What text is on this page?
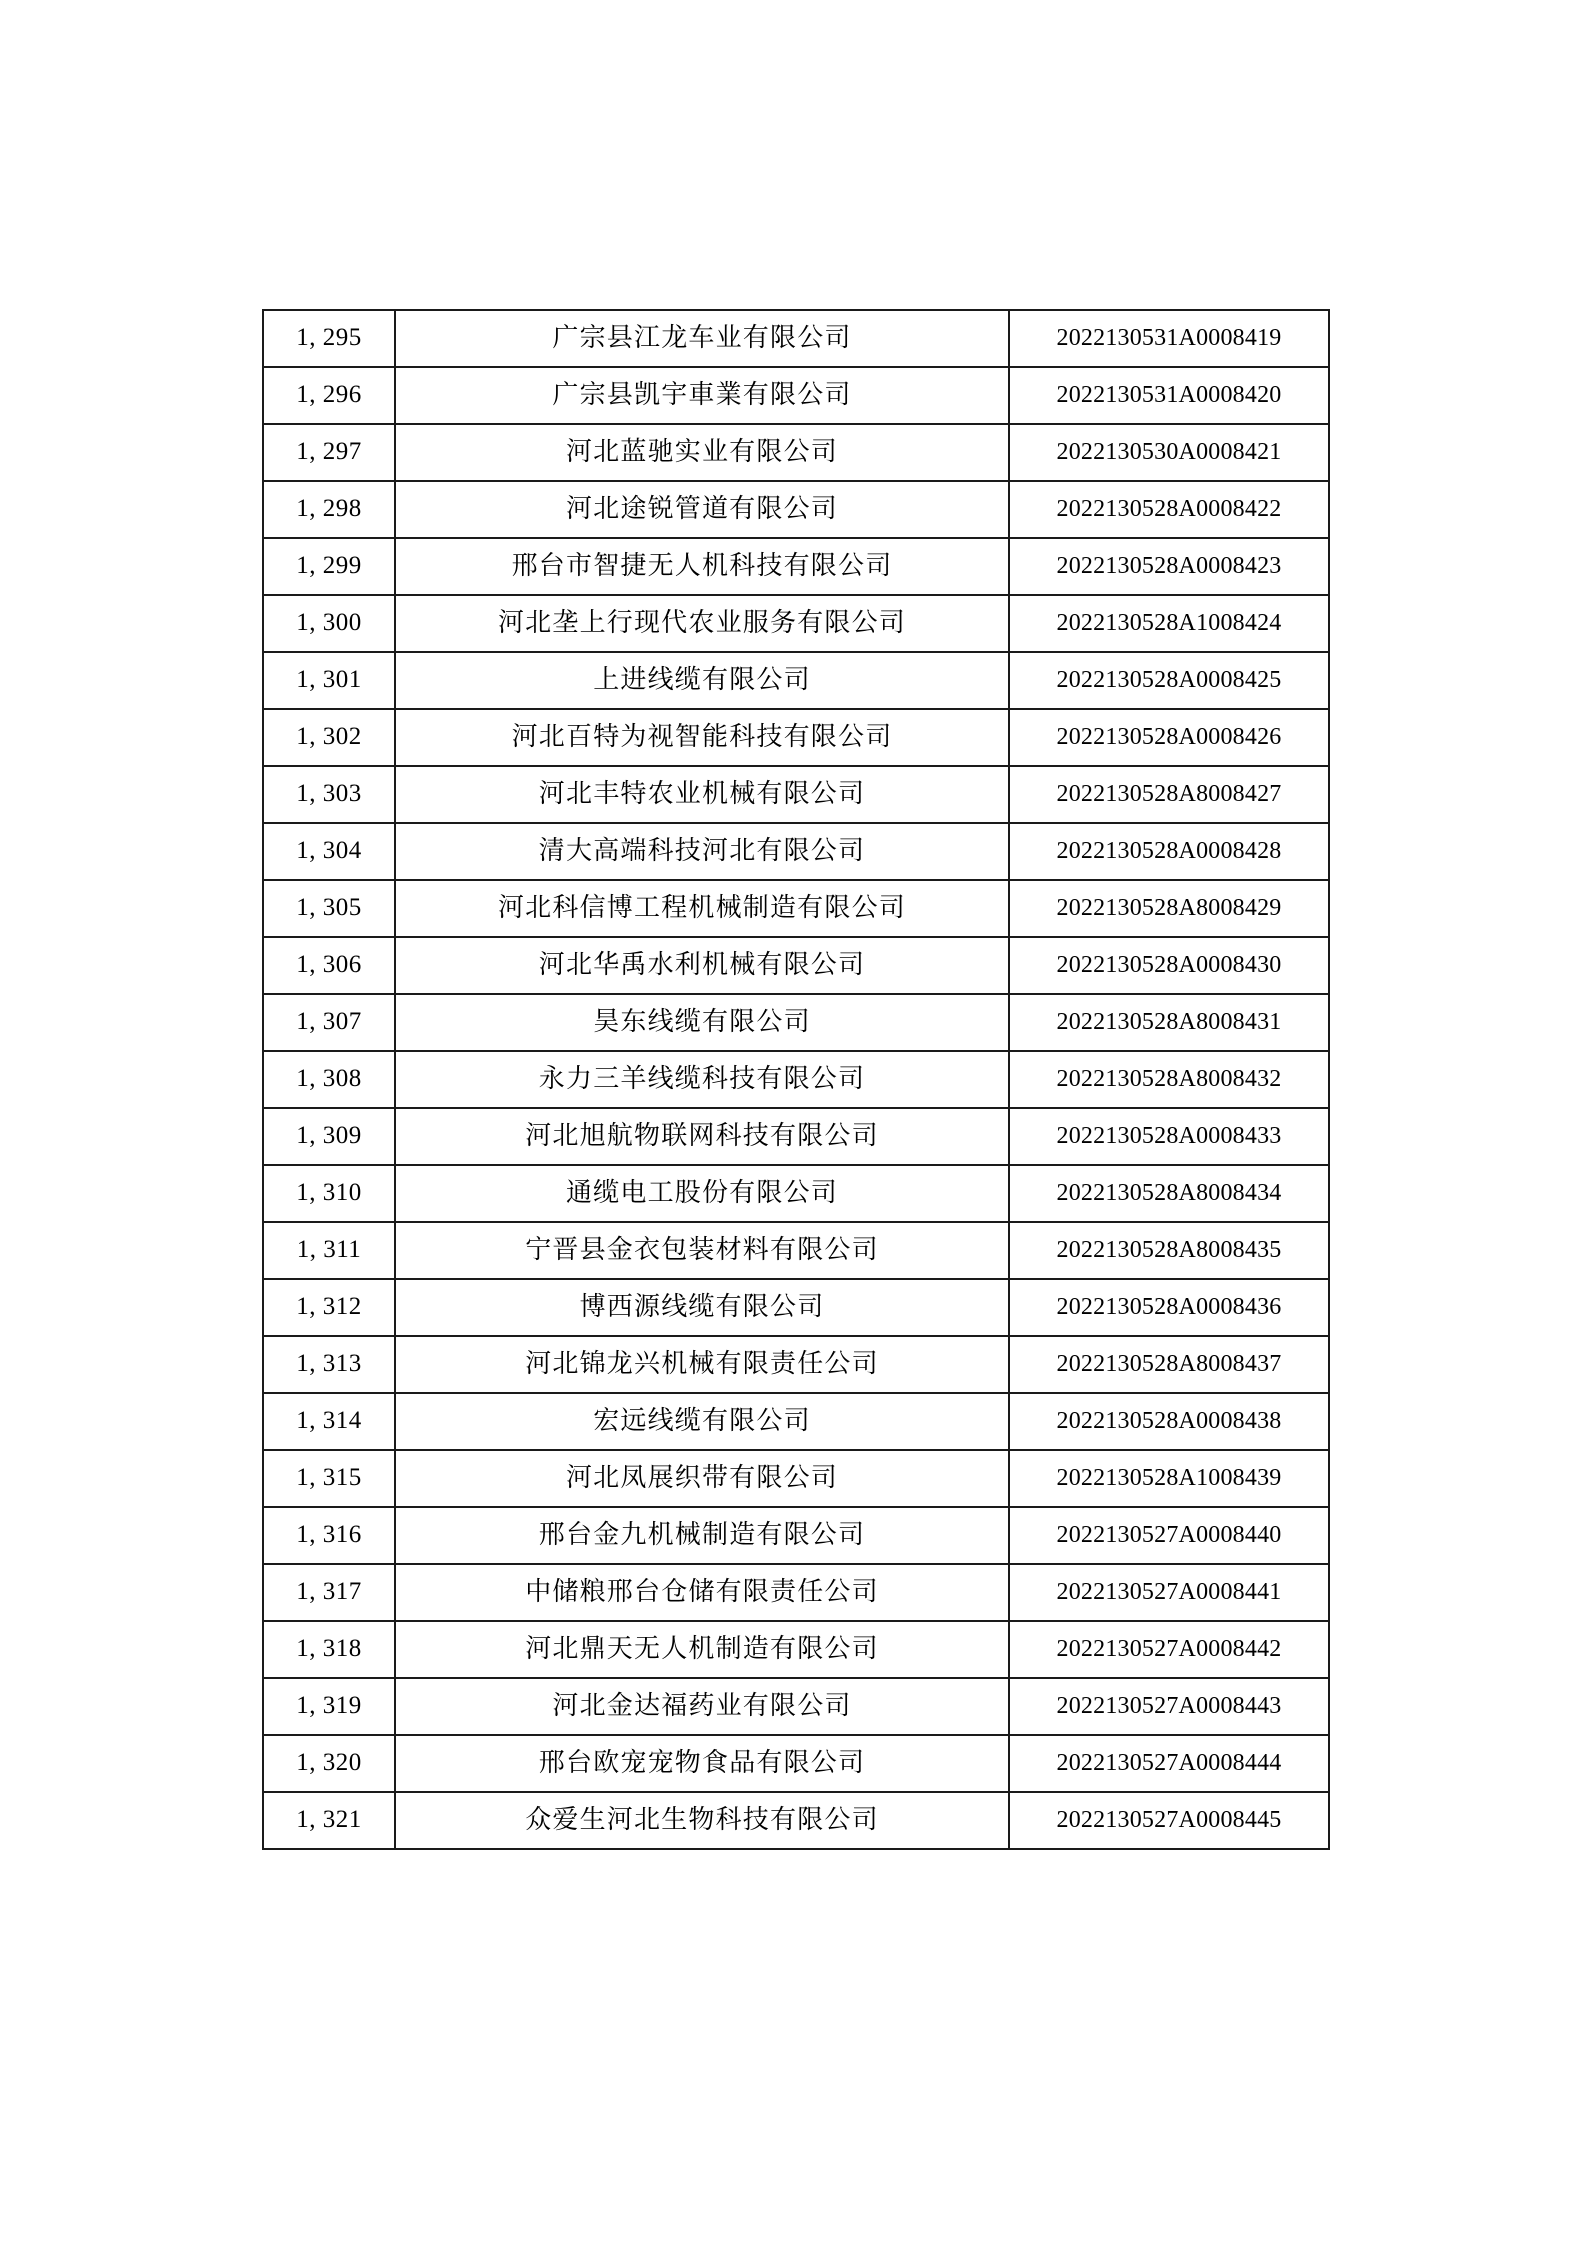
1, 295	广宗县江龙车业有限公司	2022130531A0008419
1, 296	广宗县凯宇車業有限公司	2022130531A0008420
1, 297	河北蓝驰实业有限公司	2022130530A0008421
1, 298	河北途锐管道有限公司	2022130528A0008422
1, 299	邢台市智捷无人机科技有限公司	2022130528A0008423
1, 300	河北垄上行现代农业服务有限公司	2022130528A1008424
1, 301	上进线缆有限公司	2022130528A0008425
1, 302	河北百特为视智能科技有限公司	2022130528A0008426
1, 303	河北丰特农业机械有限公司	2022130528A8008427
1, 304	清大高端科技河北有限公司	2022130528A0008428
1, 305	河北科信博工程机械制造有限公司	2022130528A8008429
1, 306	河北华禹水利机械有限公司	2022130528A0008430
1, 307	昊东线缆有限公司	2022130528A8008431
1, 308	永力三羊线缆科技有限公司	2022130528A8008432
1, 309	河北旭航物联网科技有限公司	2022130528A0008433
1, 310	通缆电工股份有限公司	2022130528A8008434
1, 311	宁晋县金衣包装材料有限公司	2022130528A8008435
1, 312	博西源线缆有限公司	2022130528A0008436
1, 313	河北锦龙兴机械有限责任公司	2022130528A8008437
1, 314	宏远线缆有限公司	2022130528A0008438
1, 315	河北凤展织带有限公司	2022130528A1008439
1, 316	邢台金九机械制造有限公司	2022130527A0008440
1, 317	中储粮邢台仓储有限责任公司	2022130527A0008441
1, 318	河北鼎天无人机制造有限公司	2022130527A0008442
1, 319	河北金达福药业有限公司	2022130527A0008443
1, 320	邢台欧宠宠物食品有限公司	2022130527A0008444
1, 321	众爱生河北生物科技有限公司	2022130527A0008445
